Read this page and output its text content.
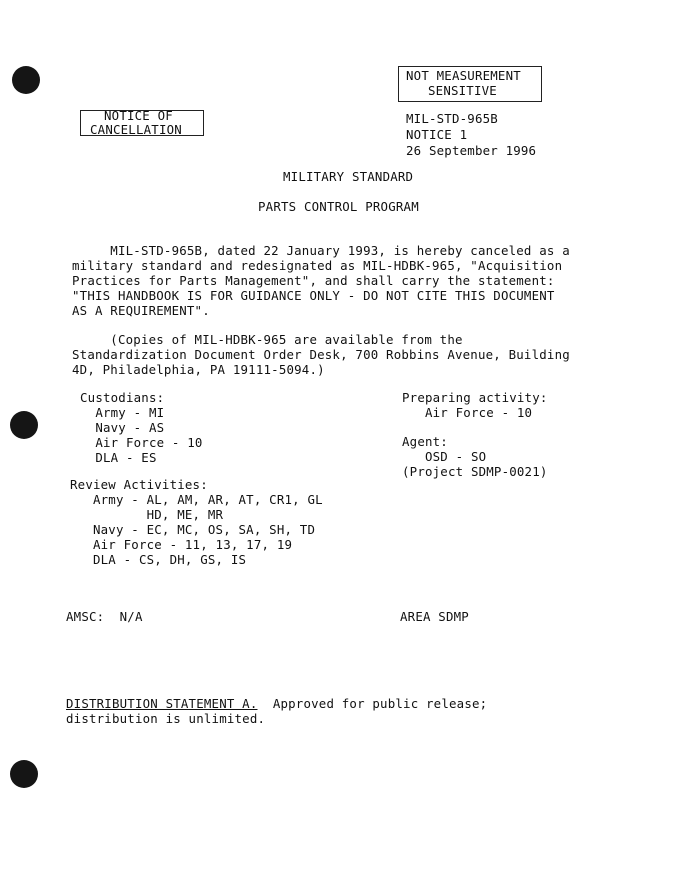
NOT MEASUREMENT
SENSITIVE
NOTICE OF
CANCELLATION
MIL-STD-965B
NOTICE 1
26 September 1996
MILITARY STANDARD
PARTS CONTROL PROGRAM
MIL-STD-965B, dated 22 January 1993, is hereby canceled as a
military standard and redesignated as MIL-HDBK-965, "Acquisition
Practices for Parts Management", and shall carry the statement:
"THIS HANDBOOK IS FOR GUIDANCE ONLY - DO NOT CITE THIS DOCUMENT
AS A REQUIREMENT".
(Copies of MIL-HDBK-965 are available from the
Standardization Document Order Desk, 700 Robbins Avenue, Building
4D, Philadelphia, PA 19111-5094.)
Custodians:
Army - MI
Navy - AS
Air Force - 10
DLA - ES
Preparing activity:
Air Force - 10
Agent:
OSD - SO
(Project SDMP-0021)
Review Activities:
Army - AL, AM, AR, AT, CR1, GL
HD, ME, MR
Navy - EC, MC, OS, SA, SH, TD
Air Force - 11, 13, 17, 19
DLA - CS, DH, GS, IS
AMSC:  N/A	AREA SDMP
DISTRIBUTION STATEMENT A.  Approved for public release;
distribution is unlimited.
